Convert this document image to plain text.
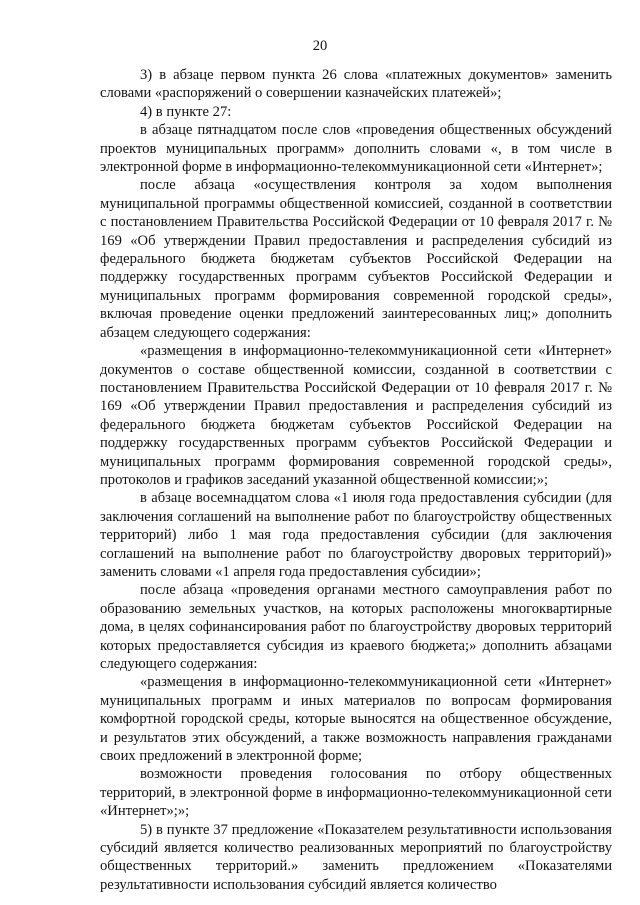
20

3) в абзаце первом пункта 26 слова «платежных документов» заменить словами «распоряжений о совершении казначейских платежей»;

4) в пункте 27:

в абзаце пятнадцатом после слов «проведения общественных обсуждений проектов муниципальных программ» дополнить словами «, в том числе в электронной форме в информационно-телекоммуникационной сети «Интернет»;

после абзаца «осуществления контроля за ходом выполнения муниципальной программы общественной комиссией, созданной в соответствии с постановлением Правительства Российской Федерации от 10 февраля 2017 г. № 169 «Об утверждении Правил предоставления и распределения субсидий из федерального бюджета бюджетам субъектов Российской Федерации на поддержку государственных программ субъектов Российской Федерации и муниципальных программ формирования современной городской среды», включая проведение оценки предложений заинтересованных лиц;» дополнить абзацем следующего содержания:

«размещения в информационно-телекоммуникационной сети «Интернет» документов о составе общественной комиссии, созданной в соответствии с постановлением Правительства Российской Федерации от 10 февраля 2017 г. № 169 «Об утверждении Правил предоставления и распределения субсидий из федерального бюджета бюджетам субъектов Российской Федерации на поддержку государственных программ субъектов Российской Федерации и муниципальных программ формирования современной городской среды», протоколов и графиков заседаний указанной общественной комиссии;»;

в абзаце восемнадцатом слова «1 июля года предоставления субсидии (для заключения соглашений на выполнение работ по благоустройству общественных территорий) либо 1 мая года предоставления субсидии (для заключения соглашений на выполнение работ по благоустройству дворовых территорий)» заменить словами «1 апреля года предоставления субсидии»;

после абзаца «проведения органами местного самоуправления работ по образованию земельных участков, на которых расположены многоквартирные дома, в целях софинансирования работ по благоустройству дворовых территорий которых предоставляется субсидия из краевого бюджета;» дополнить абзацами следующего содержания:

«размещения в информационно-телекоммуникационной сети «Интернет» муниципальных программ и иных материалов по вопросам формирования комфортной городской среды, которые выносятся на общественное обсуждение, и результатов этих обсуждений, а также возможность направления гражданами своих предложений в электронной форме;

возможности проведения голосования по отбору общественных территорий, в электронной форме в информационно-телекоммуникационной сети «Интернет»;»;

5) в пункте 37 предложение «Показателем результативности использования субсидий является количество реализованных мероприятий по благоустройству общественных территорий.» заменить предложением «Показателями результативности использования субсидий является количество
